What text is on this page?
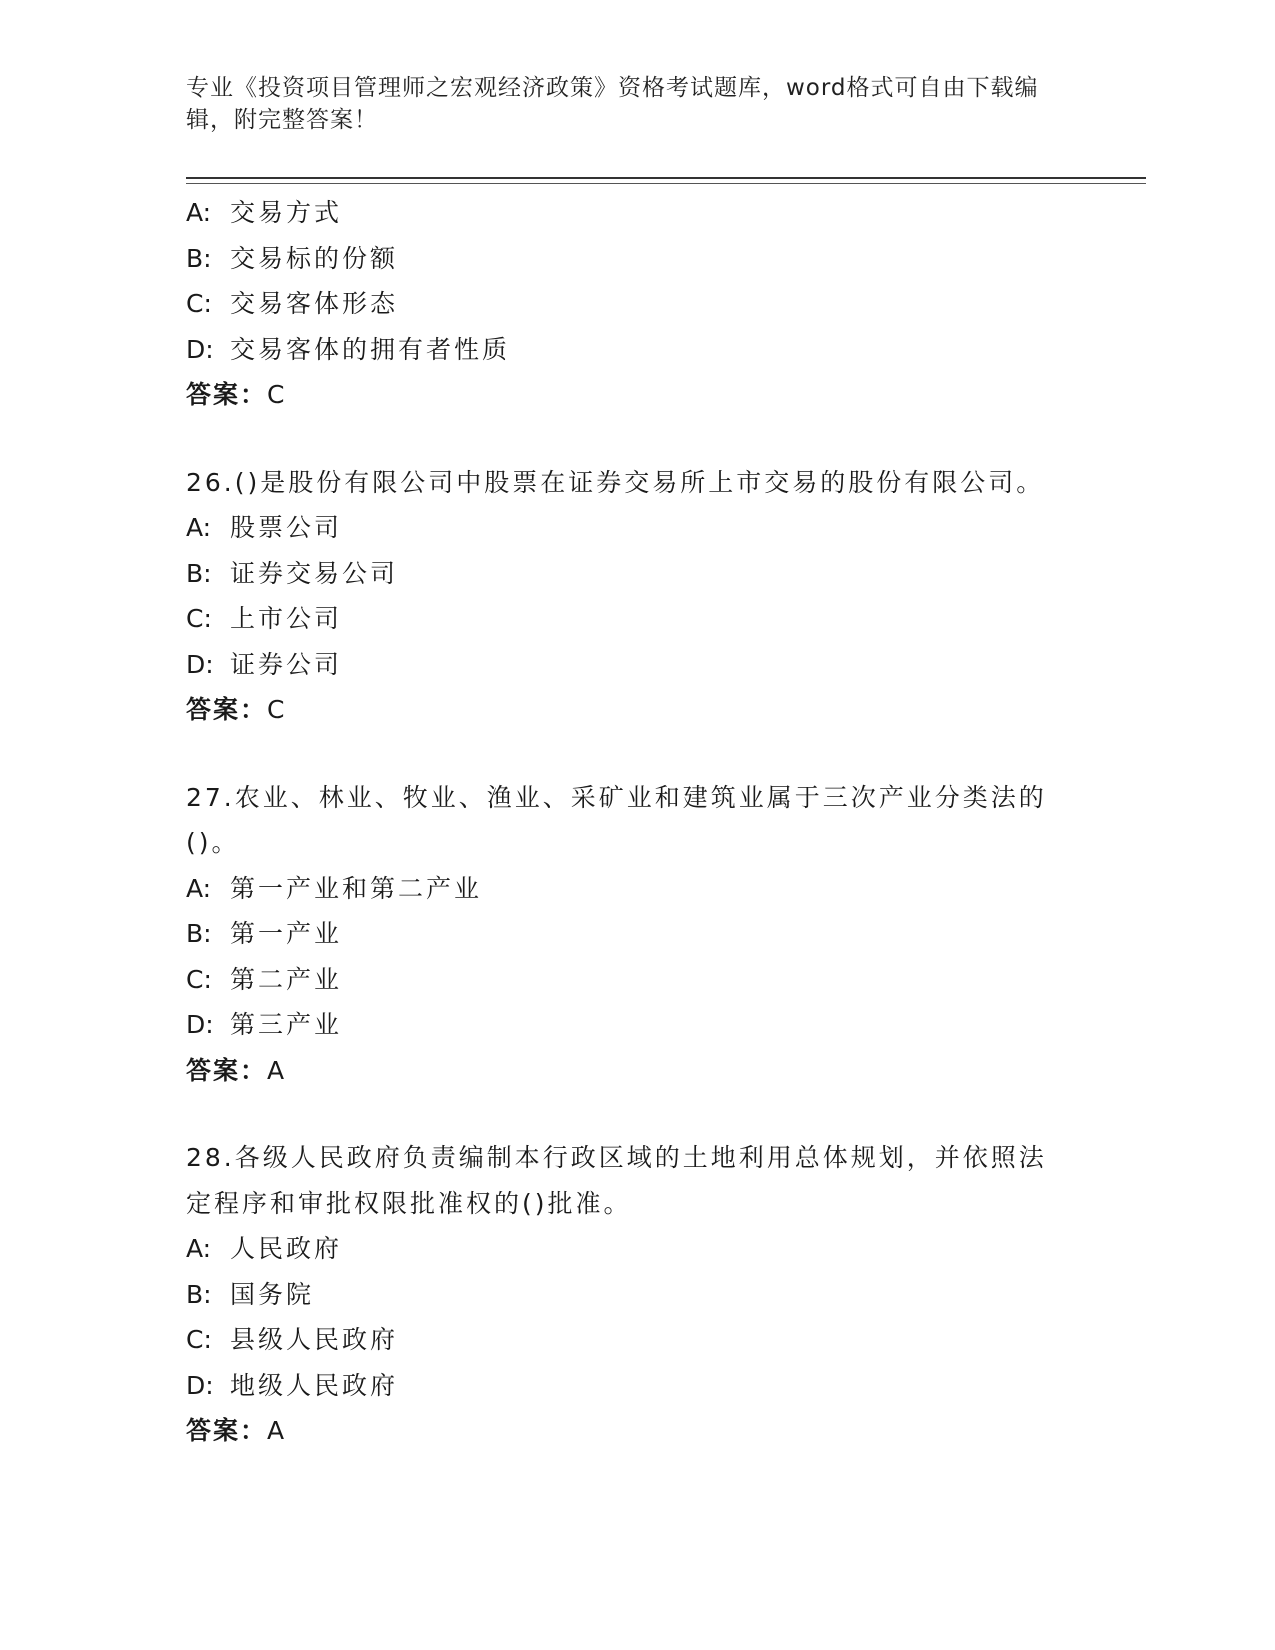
专业《投资项目管理师之宏观经济政策》资格考试题库，word格式可自由下载编辑，附完整答案！
A: 交易方式
B: 交易标的份额
C: 交易客体形态
D: 交易客体的拥有者性质
答案：C
26.()是股份有限公司中股票在证券交易所上市交易的股份有限公司。
A: 股票公司
B: 证券交易公司
C: 上市公司
D: 证券公司
答案：C
27.农业、林业、牧业、渔业、采矿业和建筑业属于三次产业分类法的()。
A: 第一产业和第二产业
B: 第一产业
C: 第二产业
D: 第三产业
答案：A
28.各级人民政府负责编制本行政区域的土地利用总体规划，并依照法定程序和审批权限批准权的()批准。
A: 人民政府
B: 国务院
C: 县级人民政府
D: 地级人民政府
答案：A
